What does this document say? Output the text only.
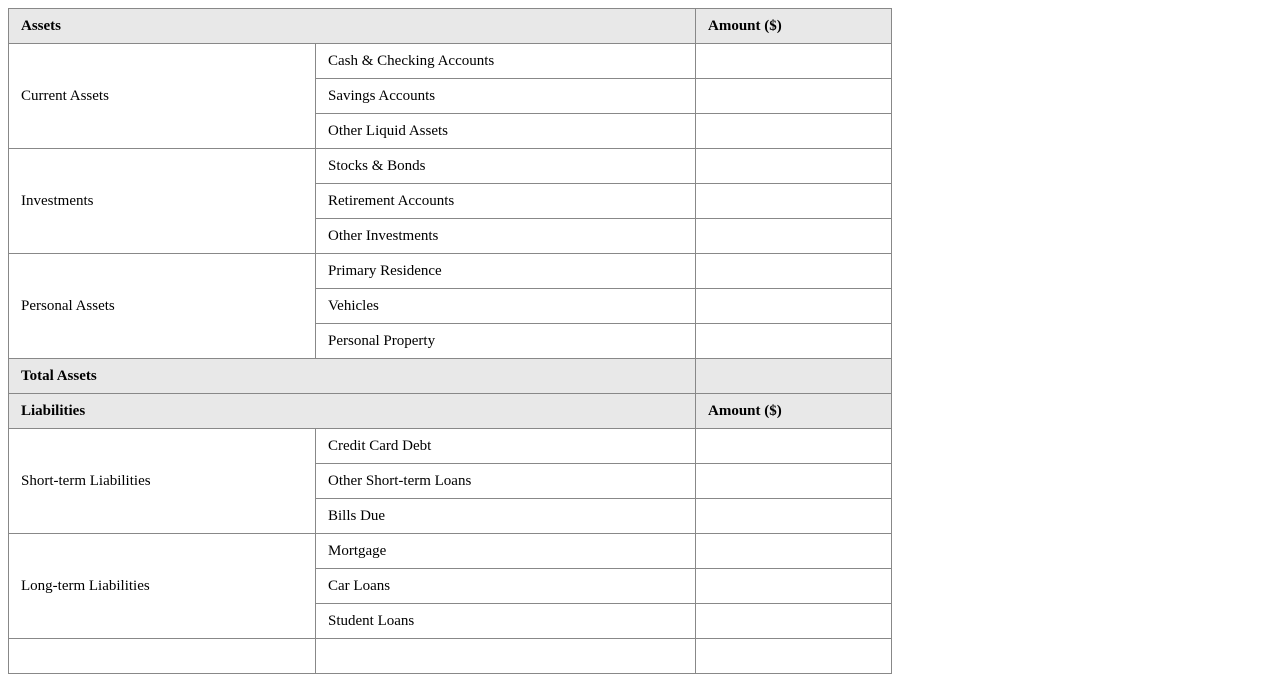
Assets		Amount ($)
Current Assets	Cash & Checking Accounts	
	Savings Accounts	
	Other Liquid Assets	
Investments	Stocks & Bonds	
	Retirement Accounts	
	Other Investments	
Personal Assets	Primary Residence	
	Vehicles	
	Personal Property	
Total Assets		
Liabilities		Amount ($)
Short-term Liabilities	Credit Card Debt	
	Other Short-term Loans	
	Bills Due	
Long-term Liabilities	Mortgage	
	Car Loans	
	Student Loans	
